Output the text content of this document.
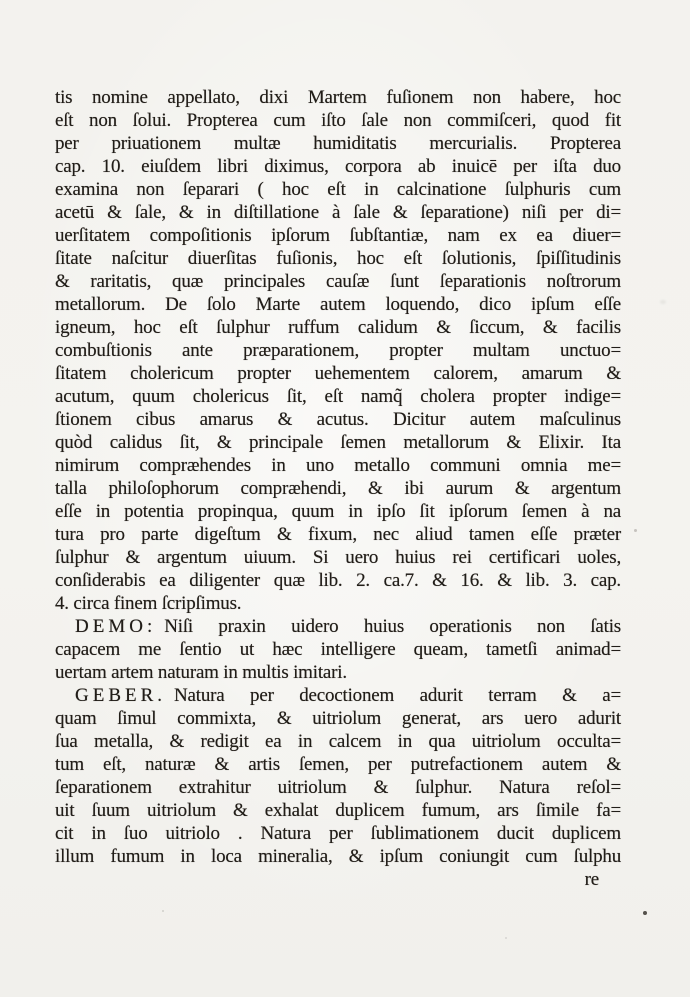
tis nomine appellato, dixi Martem fuſionem non habere, hoc
eſt non ſolui. Propterea cum iſto ſale non commiſceri, quod fit
per priuationem multæ humiditatis mercurialis. Propterea
cap. 10. eiuſdem libri diximus, corpora ab inuicē per iſta duo
examina non ſeparari ( hoc eſt in calcinatione ſulphuris cum
acetū & ſale, & in diſtillatione à ſale & ſeparatione) niſi per di=
uerſitatem compoſitionis ipſorum ſubſtantiæ, nam ex ea diuer=
ſitate naſcitur diuerſitas fuſionis, hoc eſt ſolutionis, ſpiſſitudinis
& raritatis, quæ principales cauſæ ſunt ſeparationis noſtrorum
metallorum. De ſolo Marte autem loquendo, dico ipſum eſſe
igneum, hoc eſt ſulphur ruffum calidum & ſiccum, & facilis
combuſtionis ante præparationem, propter multam unctuo=
ſitatem cholericum propter uehementem calorem, amarum &
acutum, quum cholericus ſit, eſt namq̃ cholera propter indige=
ſtionem cibus amarus & acutus. Dicitur autem maſculinus
quòd calidus ſit, & principale ſemen metallorum & Elixir. Ita
nimirum compræhendes in uno metallo communi omnia me=
talla philoſophorum compræhendi, & ibi aurum & argentum
eſſe in potentia propinqua, quum in ipſo ſit ipſorum ſemen à na
tura pro parte digeſtum & fixum, nec aliud tamen eſſe præter
ſulphur & argentum uiuum. Si uero huius rei certificari uoles,
conſiderabis ea diligenter quæ lib. 2. ca.7. & 16. & lib. 3. cap.
4. circa finem ſcripſimus.
DEMO: Niſi praxin uidero huius operationis non ſatis
capacem me ſentio ut hæc intelligere queam, tametſi animad=
uertam artem naturam in multis imitari.
GEBER. Natura per decoctionem adurit terram & a=
quam ſimul commixta, & uitriolum generat, ars uero adurit
ſua metalla, & redigit ea in calcem in qua uitriolum occulta=
tum eſt, naturæ & artis ſemen, per putrefactionem autem &
ſeparationem extrahitur uitriolum & ſulphur. Natura reſol=
uit ſuum uitriolum & exhalat duplicem fumum, ars ſimile fa=
cit in ſuo uitriolo . Natura per ſublimationem ducit duplicem
illum fumum in loca mineralia, & ipſum coniungit cum ſulphu
re
